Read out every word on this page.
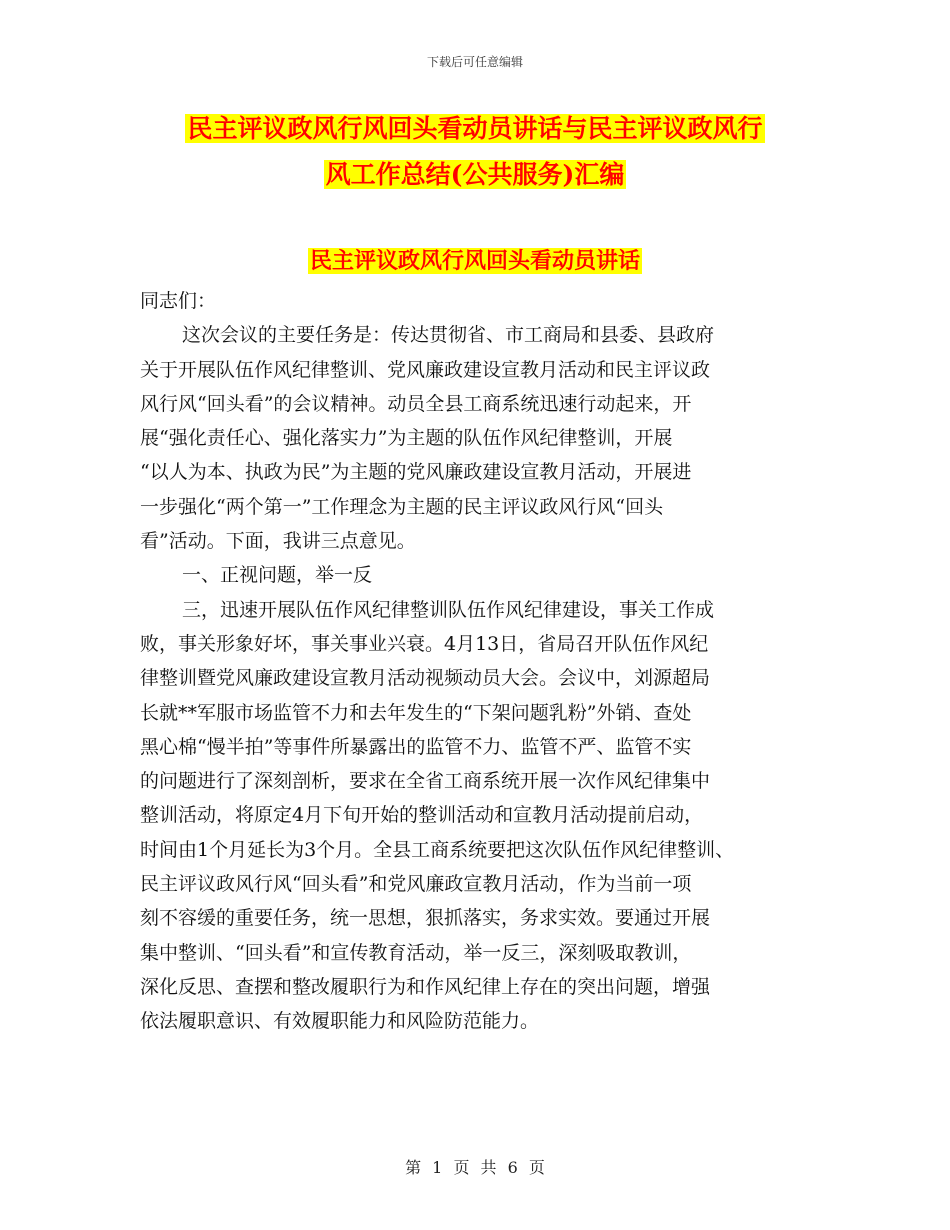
下载后可任意编辑
民主评议政风行风回头看动员讲话与民主评议政风行
风工作总结(公共服务)汇编
民主评议政风行风回头看动员讲话
同志们：
这次会议的主要任务是：传达贯彻省、市工商局和县委、县政府
关于开展队伍作风纪律整训、党风廉政建设宣教月活动和民主评议政
风行风“回头看”的会议精神。动员全县工商系统迅速行动起来，开
展“强化责任心、强化落实力”为主题的队伍作风纪律整训，开展
“以人为本、执政为民”为主题的党风廉政建设宣教月活动，开展进
一步强化“两个第一”工作理念为主题的民主评议政风行风“回头
看”活动。下面，我讲三点意见。
一、正视问题，举一反
三，迅速开展队伍作风纪律整训队伍作风纪律建设，事关工作成
败，事关形象好坏，事关事业兴衰。4月13日，省局召开队伍作风纪
律整训暨党风廉政建设宣教月活动视频动员大会。会议中，刘源超局
长就**军服市场监管不力和去年发生的“下架问题乳粉”外销、查处
黑心棉“慢半拍”等事件所暴露出的监管不力、监管不严、监管不实
的问题进行了深刻剖析，要求在全省工商系统开展一次作风纪律集中
整训活动，将原定4月下旬开始的整训活动和宣教月活动提前启动，
时间由1个月延长为3个月。全县工商系统要把这次队伍作风纪律整训、
民主评议政风行风“回头看”和党风廉政宣教月活动，作为当前一项
刻不容缓的重要任务，统一思想，狠抓落实，务求实效。要通过开展
集中整训、“回头看”和宣传教育活动，举一反三，深刻吸取教训，
深化反思、查摆和整改履职行为和作风纪律上存在的突出问题，增强
依法履职意识、有效履职能力和风险防范能力。
第 1 页 共 6 页
